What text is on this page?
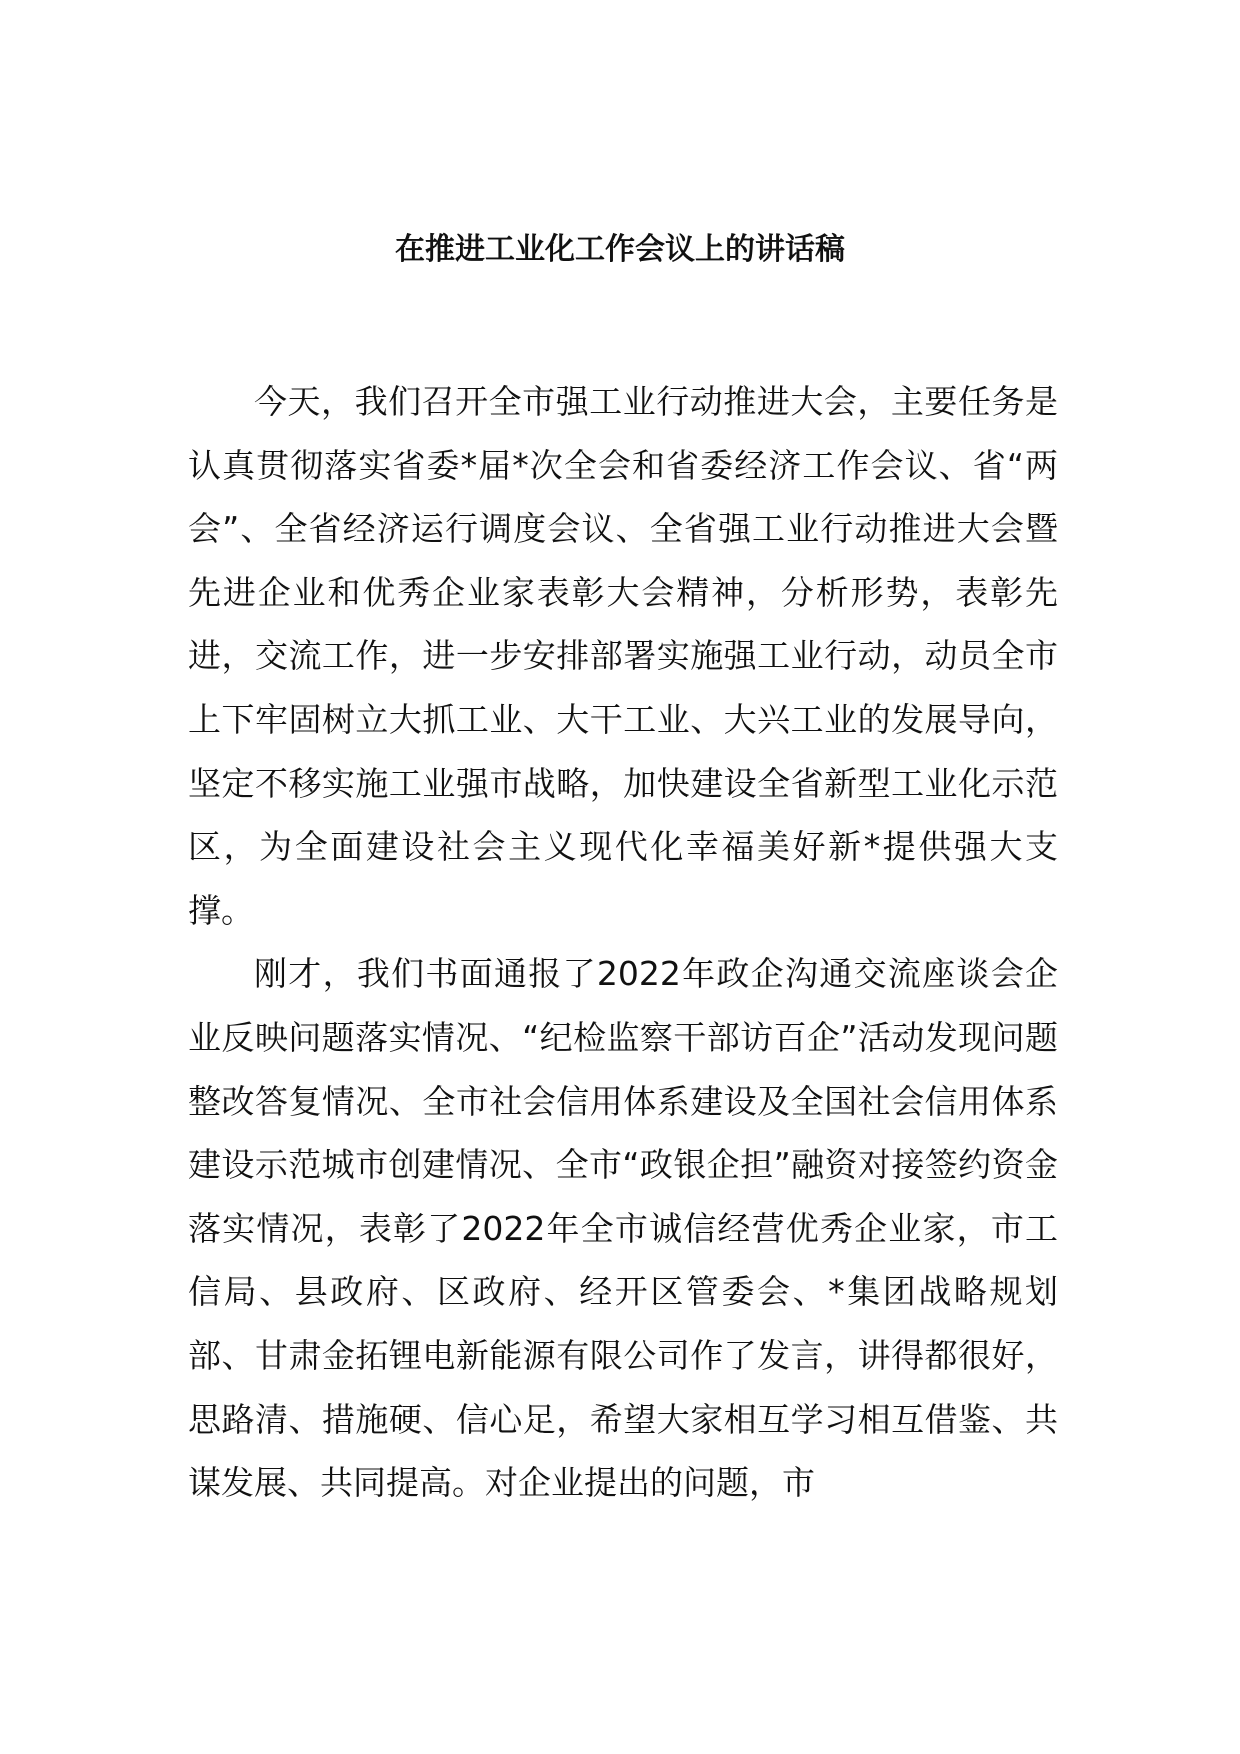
在推进工业化工作会议上的讲话稿

今天，我们召开全市强工业行动推进大会，主要任务是认真贯彻落实省委*届*次全会和省委经济工作会议、省“两会”、全省经济运行调度会议、全省强工业行动推进大会暨先进企业和优秀企业家表彰大会精神，分析形势，表彰先进，交流工作，进一步安排部署实施强工业行动，动员全市上下牢固树立大抓工业、大干工业、大兴工业的发展导向，坚定不移实施工业强市战略，加快建设全省新型工业化示范区，为全面建设社会主义现代化幸福美好新*提供强大支撑。

刚才，我们书面通报了2022年政企沟通交流座谈会企业反映问题落实情况、“纪检监察干部访百企”活动发现问题整改答复情况、全市社会信用体系建设及全国社会信用体系建设示范城市创建情况、全市“政银企担”融资对接签约资金落实情况，表彰了2022年全市诚信经营优秀企业家，市工信局、县政府、区政府、经开区管委会、*集团战略规划部、甘肃金拓锂电新能源有限公司作了发言，讲得都很好，思路清、措施硬、信心足，希望大家相互学习相互借鉴、共谋发展、共同提高。对企业提出的问题，市
